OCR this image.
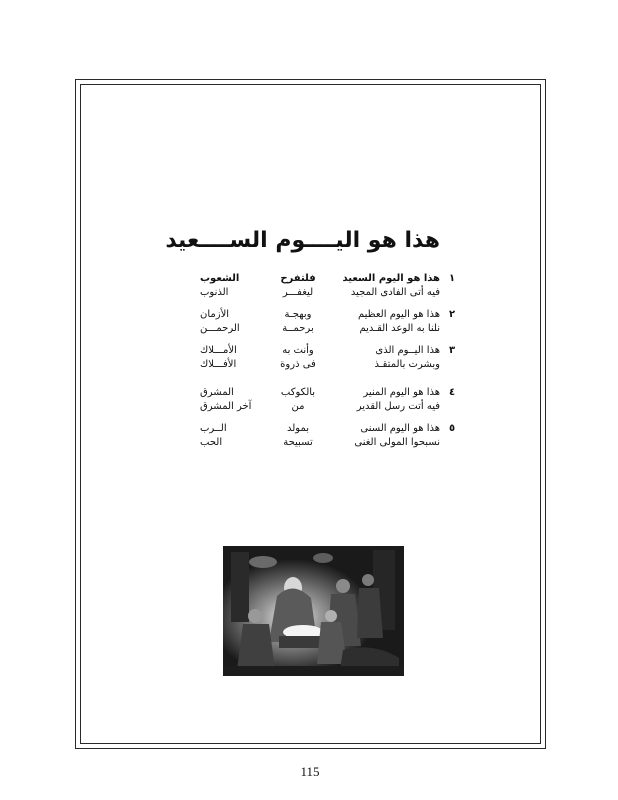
هذا هو اليــــوم الســــعيد
١
هذا هو اليوم السعيد
فلتفرح
الشعوب
فيه أتى الفادى المجيد
ليغفـــر
الذنوب
٢
هذا هو اليوم العظيم
وبهجـة
الأزمان
نلنا به الوعد القـديم
برحمــة
الرحمـــن
٣
هذا اليــوم الذى
وأنت به
الأمـــلاك
وبشرت بالمتقـذ
فى ذروة
الأفـــلاك
٤
هذا هو اليوم المنير
بالكوكب
المشرق
فيه أتت رسل القدير
من
آخر المشرق
٥
هذا هو اليوم السنى
بمولد
الــرب
نسبحوا المولى الغنى
تسبيحة
الحب
115
